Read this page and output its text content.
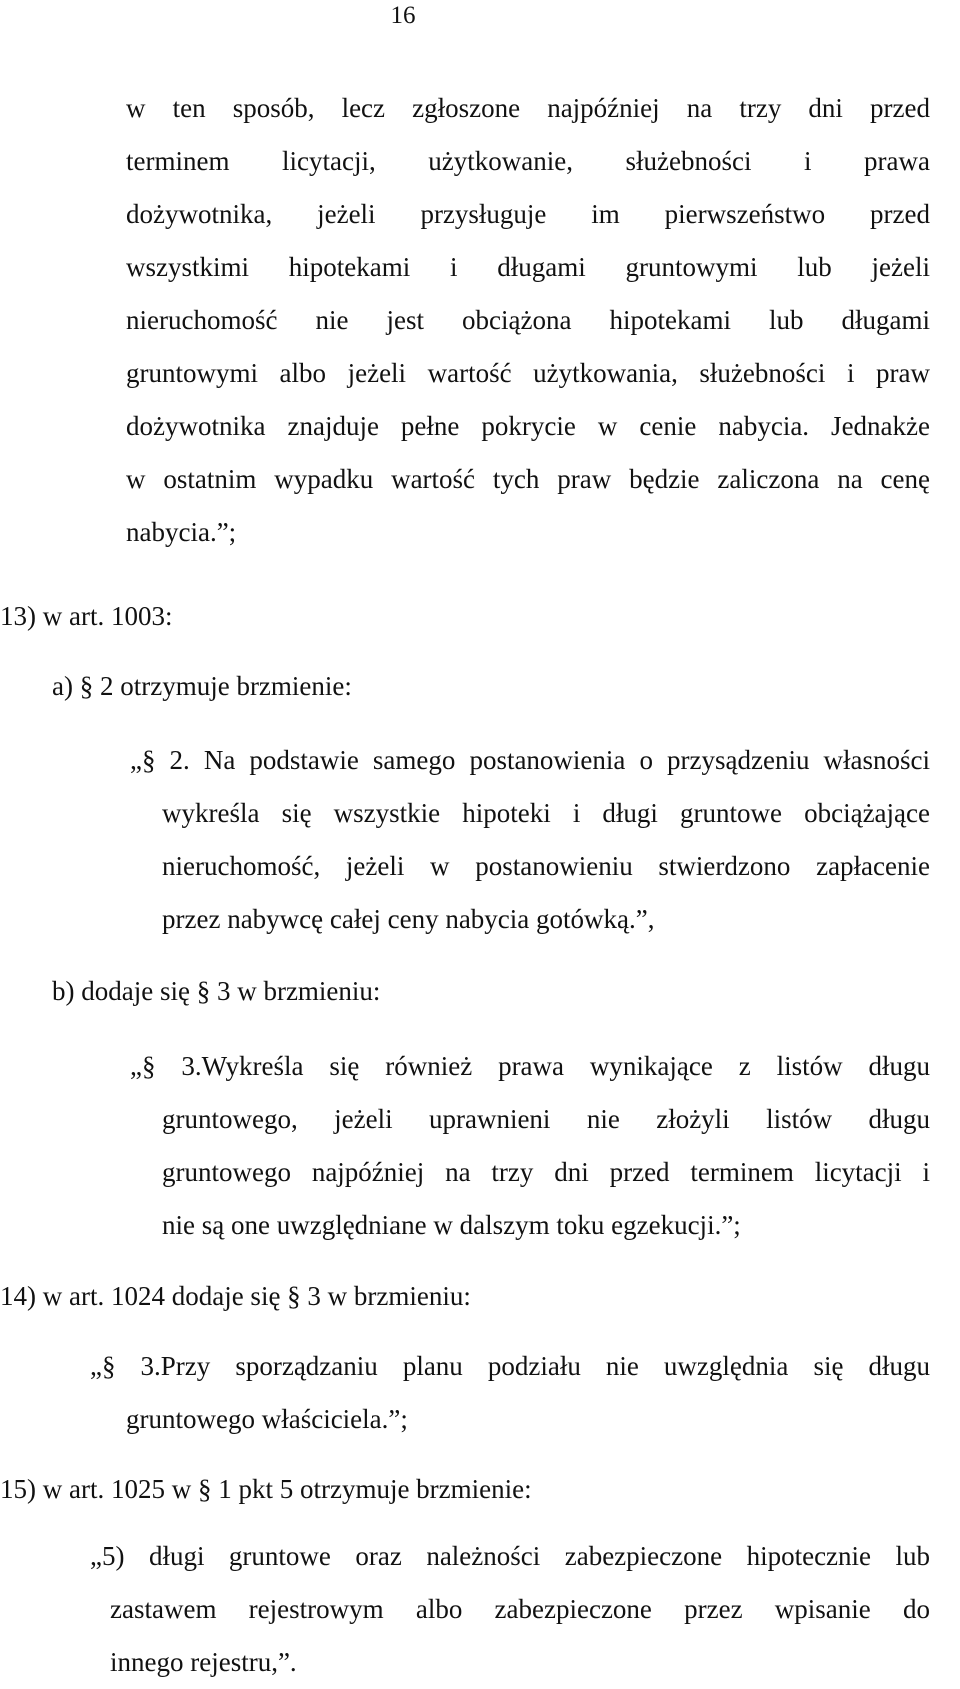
16
w ten sposób, lecz zgłoszone najpóźniej na trzy dni przed
terminem licytacji, użytkowanie, służebności i prawa
dożywotnika, jeżeli przysługuje im pierwszeństwo przed
wszystkimi hipotekami i długami gruntowymi lub jeżeli
nieruchomość nie jest obciążona hipotekami lub długami
gruntowymi albo jeżeli wartość użytkowania, służebności i praw
dożywotnika znajduje pełne pokrycie w cenie nabycia. Jednakże
w ostatnim wypadku wartość tych praw będzie zaliczona na cenę
nabycia.”;
13) w art. 1003:
a) § 2 otrzymuje brzmienie:
„§ 2. Na podstawie samego postanowienia o przysądzeniu własności
wykreśla się wszystkie hipoteki i długi gruntowe obciążające
nieruchomość, jeżeli w postanowieniu stwierdzono zapłacenie
przez nabywcę całej ceny nabycia gotówką.”,
b) dodaje się § 3 w brzmieniu:
„§ 3.Wykreśla się również prawa wynikające z listów długu
gruntowego, jeżeli uprawnieni nie złożyli listów długu
gruntowego najpóźniej na trzy dni przed terminem licytacji i
nie są one uwzględniane w dalszym toku egzekucji.”;
14) w art. 1024 dodaje się § 3 w brzmieniu:
„§ 3.Przy sporządzaniu planu podziału nie uwzględnia się długu
gruntowego właściciela.”;
15) w art. 1025 w § 1 pkt 5 otrzymuje brzmienie:
„5) długi gruntowe oraz należności zabezpieczone hipotecznie lub
zastawem rejestrowym albo zabezpieczone przez wpisanie do
innego rejestru,”.
